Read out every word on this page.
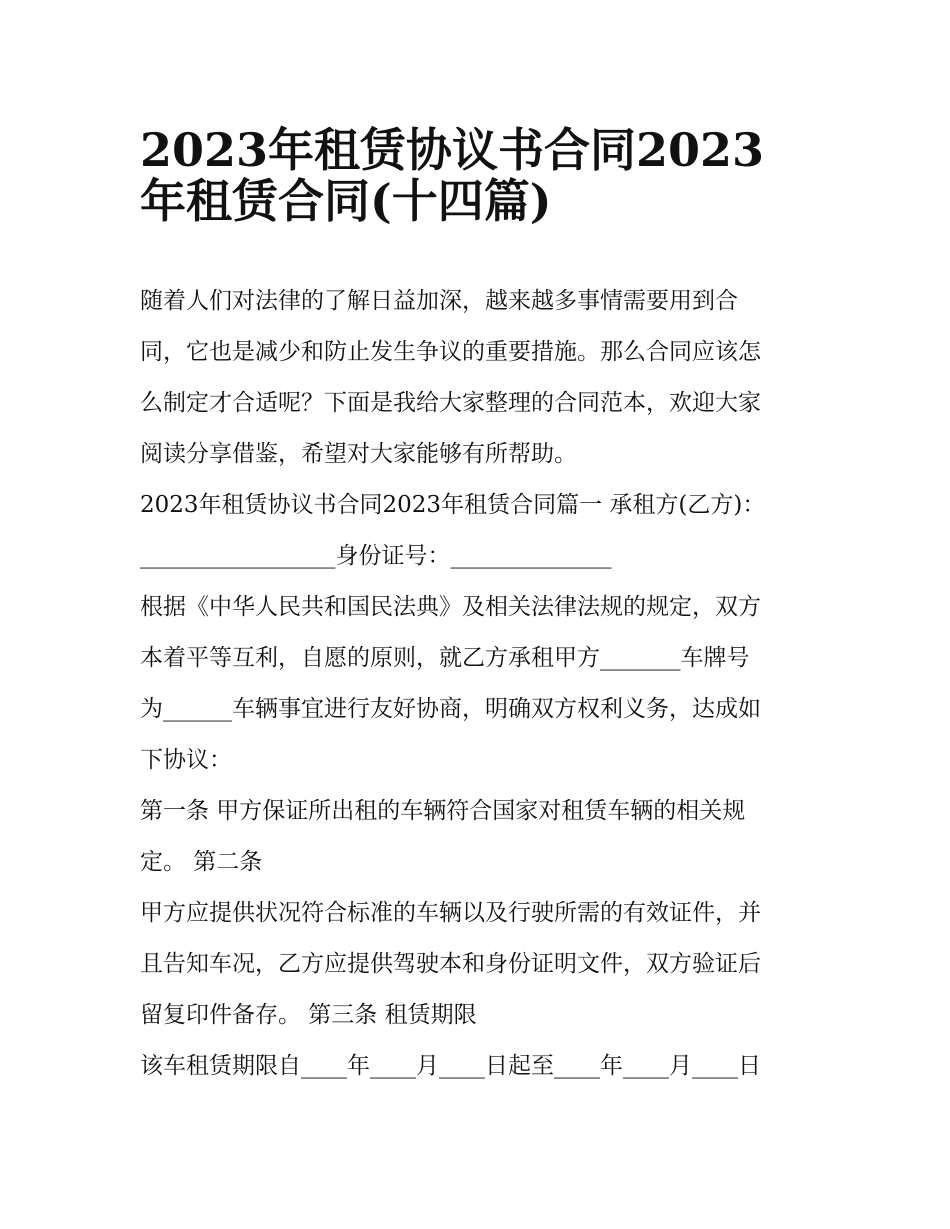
2023年租赁协议书合同2023
年租赁合同(十四篇)

随着人们对法律的了解日益加深，越来越多事情需要用到合
同，它也是减少和防止发生争议的重要措施。那么合同应该怎
么制定才合适呢？下面是我给大家整理的合同范本，欢迎大家
阅读分享借鉴，希望对大家能够有所帮助。

2023年租赁协议书合同2023年租赁合同篇一 承租方(乙方)：

_________________身份证号：______________

根据《中华人民共和国民法典》及相关法律法规的规定，双方
本着平等互利，自愿的原则，就乙方承租甲方_______车牌号
为______车辆事宜进行友好协商，明确双方权利义务，达成如
下协议：

第一条 甲方保证所出租的车辆符合国家对租赁车辆的相关规
定。 第二条

甲方应提供状况符合标准的车辆以及行驶所需的有效证件，并
且告知车况，乙方应提供驾驶本和身份证明文件，双方验证后
留复印件备存。 第三条 租赁期限

该车租赁期限自____年____月____日起至____年____月____日
